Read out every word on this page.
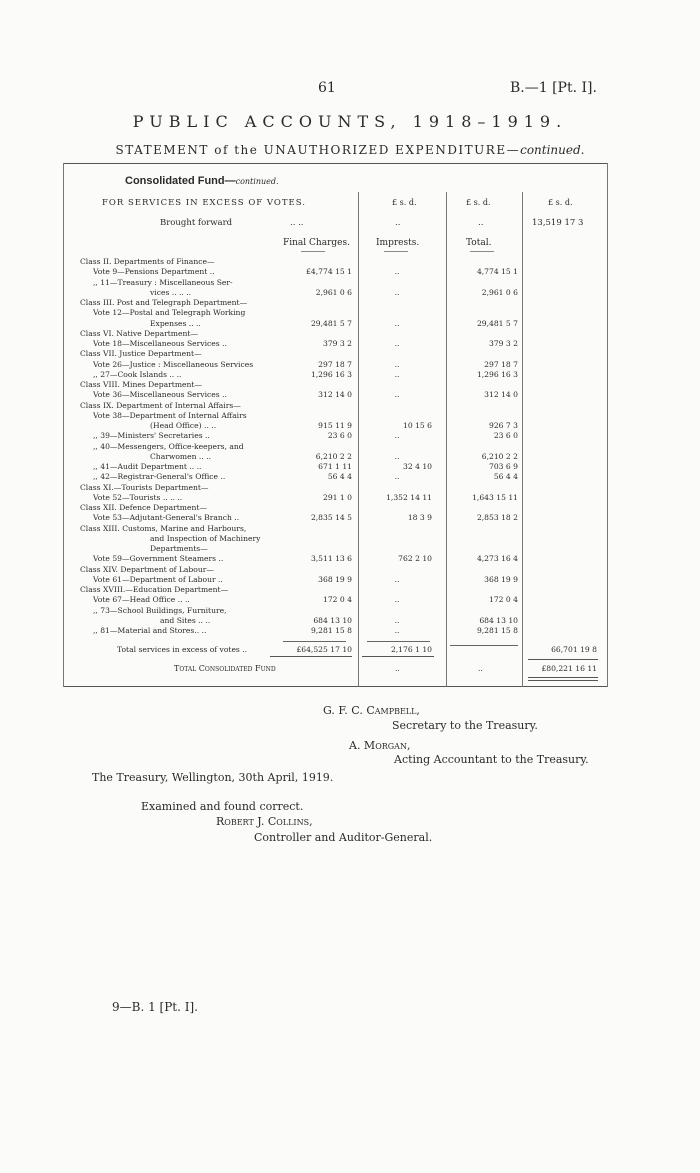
61	B.—1 [Pt. I].
PUBLIC ACCOUNTS, 1918–1919.
STATEMENT of the UNAUTHORIZED EXPENDITURE—continued.
Consolidated Fund—continued.
FOR SERVICES IN EXCESS OF VOTES.	£ s. d.	£ s. d.	£ s. d.
Brought forward	.. ..	..	..	13,519 17 3
Final Charges.	Imprests.	Total.
Class II. Departments of Finance—
Vote 9—Pensions Department ..	£4,774 15 1	..	4,774 15 1
,, 11—Treasury : Miscellaneous Ser-
vices .. .. ..	2,961 0 6	..	2,961 0 6
Class III. Post and Telegraph Department—
Vote 12—Postal and Telegraph Working
Expenses .. ..	29,481 5 7	..	29,481 5 7
Class VI. Native Department—
Vote 18—Miscellaneous Services ..	379 3 2	..	379 3 2
Class VII. Justice Department—
Vote 26—Justice : Miscellaneous Services	297 18 7	..	297 18 7
,, 27—Cook Islands .. ..	1,296 16 3	..	1,296 16 3
Class VIII. Mines Department—
Vote 36—Miscellaneous Services ..	312 14 0	..	312 14 0
Class IX. Department of Internal Affairs—
Vote 38—Department of Internal Affairs
(Head Office) .. ..	915 11 9	10 15 6	926 7 3
,, 39—Ministers' Secretaries ..	23 6 0	..	23 6 0
,, 40—Messengers, Office-keepers, and
Charwomen .. ..	6,210 2 2	..	6,210 2 2
,, 41—Audit Department .. ..	671 1 11	32 4 10	703 6 9
,, 42—Registrar-General's Office ..	56 4 4	..	56 4 4
Class XI.—Tourists Department—
Vote 52—Tourists .. .. ..	291 1 0	1,352 14 11	1,643 15 11
Class XII. Defence Department—
Vote 53—Adjutant-General's Branch ..	2,835 14 5	18 3 9	2,853 18 2
Class XIII. Customs, Marine and Harbours,
and Inspection of Machinery
Departments—
Vote 59—Government Steamers ..	3,511 13 6	762 2 10	4,273 16 4
Class XIV. Department of Labour—
Vote 61—Department of Labour ..	368 19 9	..	368 19 9
Class XVIII.—Education Department—
Vote 67—Head Office .. ..	172 0 4	..	172 0 4
,, 73—School Buildings, Furniture,
and Sites .. ..	684 13 10	..	684 13 10
,, 81—Material and Stores.. ..	9,281 15 8	..	9,281 15 8
Total services in excess of votes ..	£64,525 17 10	2,176 1 10	66,701 19 8
Total Consolidated Fund	..	..	£80,221 16 11
G. F. C. Campbell,
Secretary to the Treasury.
A. Morgan,
Acting Accountant to the Treasury.
The Treasury, Wellington, 30th April, 1919.
Examined and found correct.
Robert J. Collins,
Controller and Auditor-General.
9—B. 1 [Pt. I].
